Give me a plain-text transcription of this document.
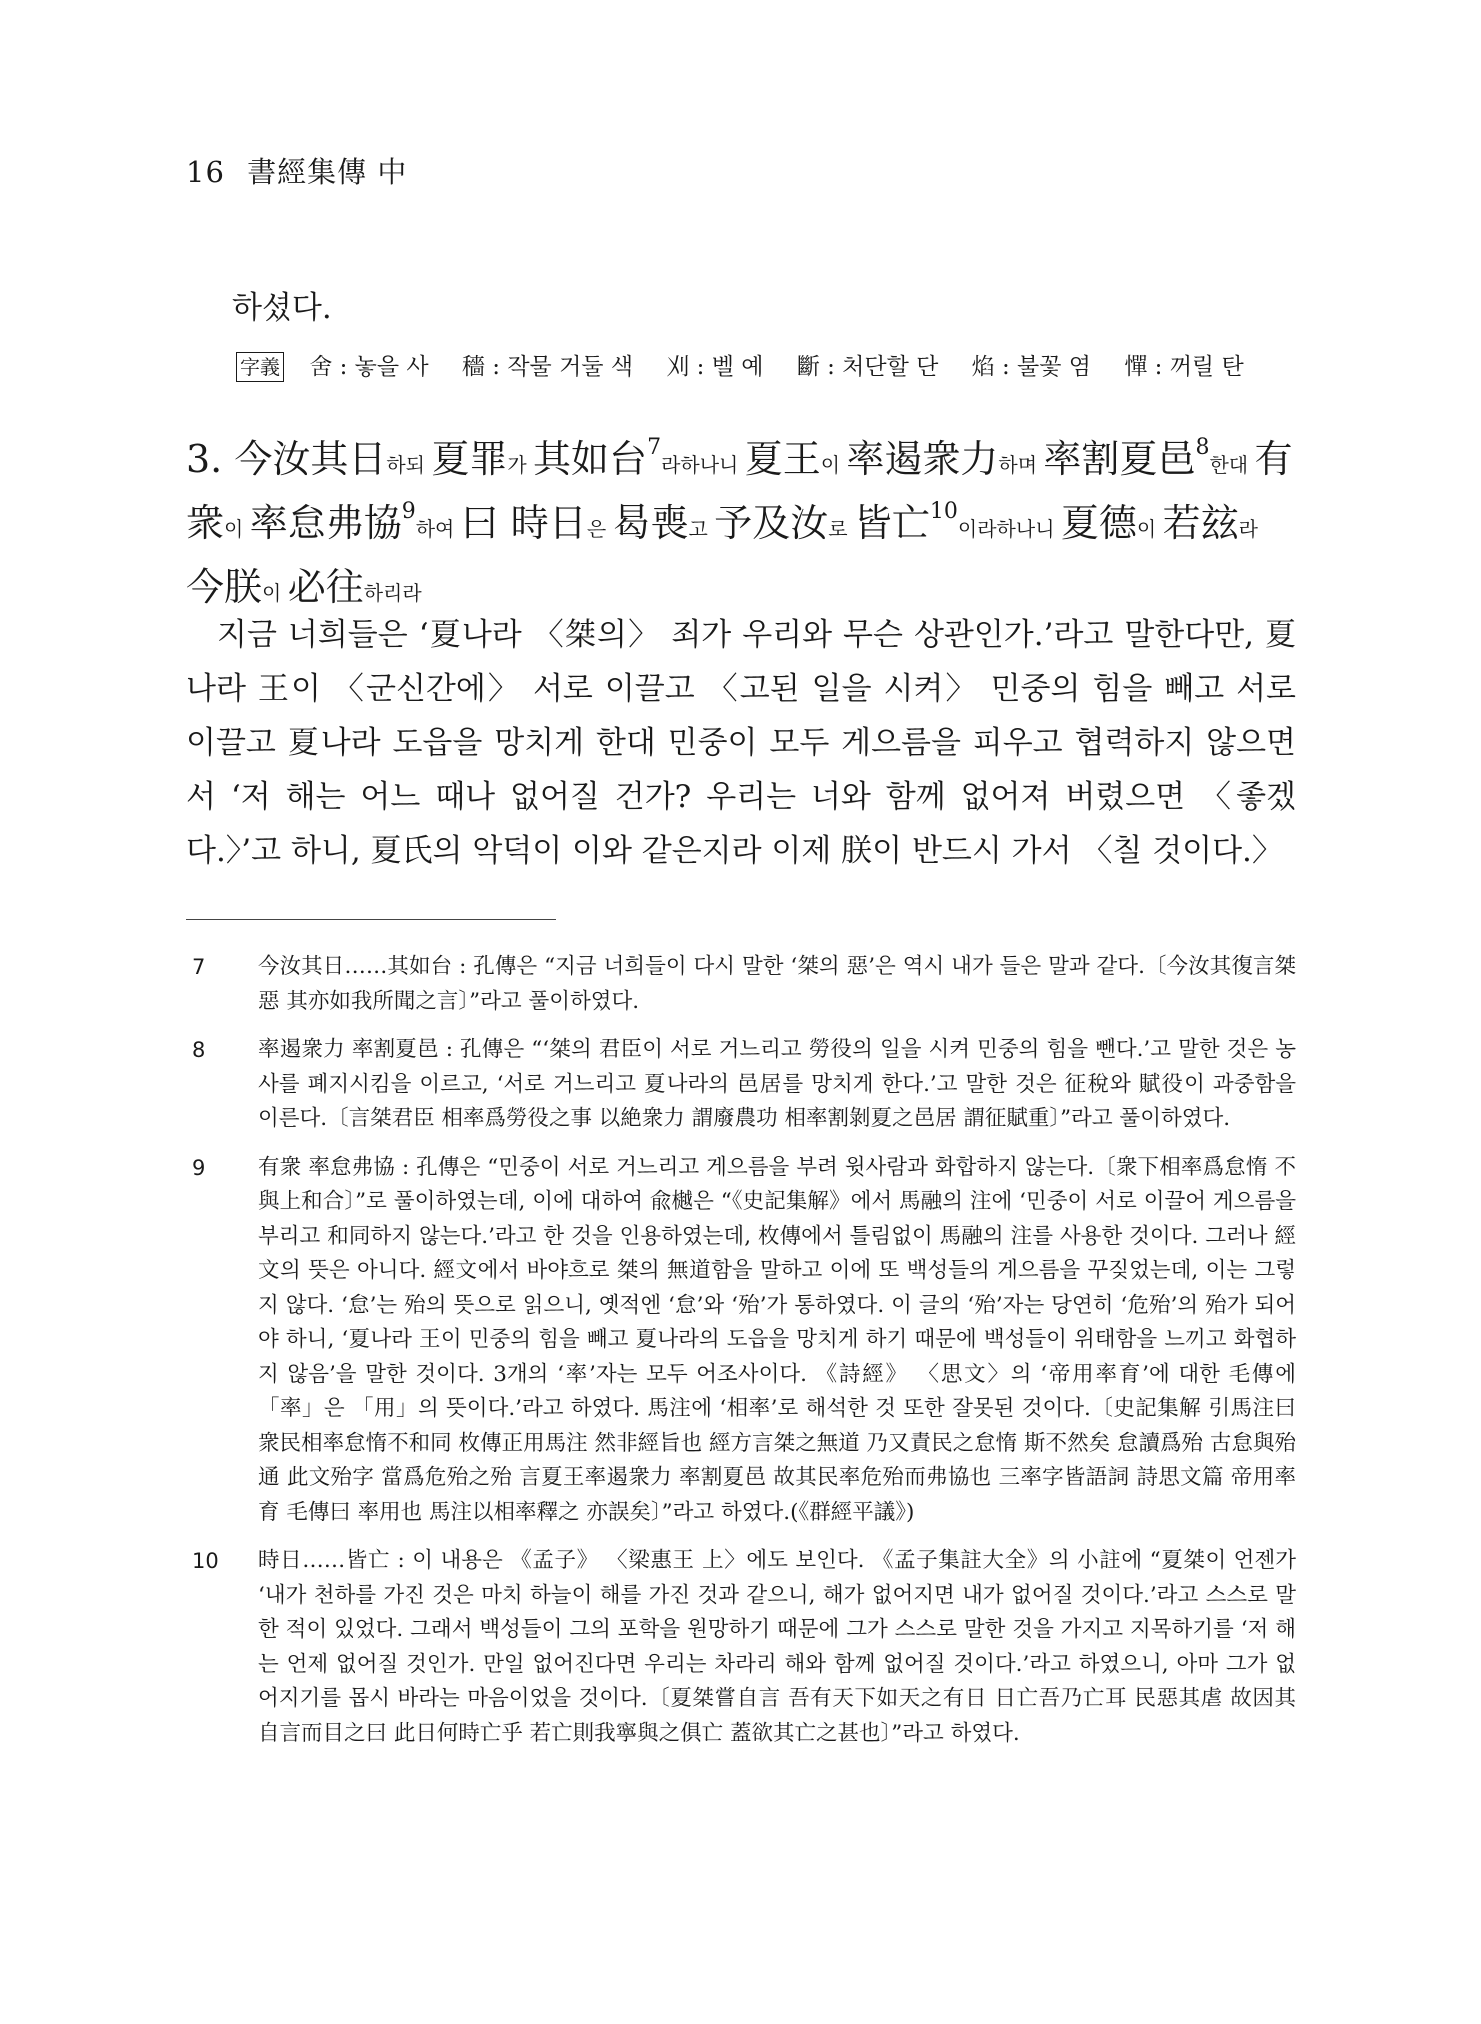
16 書經集傳 中
하셨다.
字義 舍 : 놓을 사 穡 : 작물 거둘 색 刈 : 벨 예 斷 : 처단할 단 焰 : 불꽃 염 憚 : 꺼릴 탄
3. 今汝其日하되 夏罪가 其如台$^7$라하나니 夏王이 率遏衆力하며 率割夏邑$^8$한대 有衆이 率怠弗協$^9$하여 曰 時日은 曷喪고 予及汝로 皆亡$^{10}$이라하나니 夏德이 若玆라 今朕이 必往하리라
지금 너희들은 ‘夏나라 〈桀의〉 죄가 우리와 무슨 상관인가.’라고 말한다만, 夏나라 王이 〈군신간에〉 서로 이끌고 〈고된 일을 시켜〉 민중의 힘을 빼고 서로 이끌고 夏나라 도읍을 망치게 한대 민중이 모두 게으름을 피우고 협력하지 않으면서 ‘저 해는 어느 때나 없어질 건가? 우리는 너와 함께 없어져 버렸으면 〈좋겠다.〉’고 하니, 夏氏의 악덕이 이와 같은지라 이제 朕이 반드시 가서 〈칠 것이다.〉
7 今汝其日……其如台 : 孔傳은 “지금 너희들이 다시 말한 ‘桀의 惡’은 역시 내가 들은 말과 같다.〔今汝其復言桀惡 其亦如我所聞之言〕”라고 풀이하였다.
8 率遏衆力 率割夏邑 : 孔傳은 “‘桀의 君臣이 서로 거느리고 勞役의 일을 시켜 민중의 힘을 뺀다.’고 말한 것은 농사를 폐지시킴을 이르고, ‘서로 거느리고 夏나라의 邑居를 망치게 한다.’고 말한 것은 征稅와 賦役이 과중함을 이른다.〔言桀君臣 相率爲勞役之事 以絶衆力 謂廢農功 相率割剝夏之邑居 謂征賦重〕”라고 풀이하였다.
9 有衆 率怠弗協 : 孔傳은 “민중이 서로 거느리고 게으름을 부려 윗사람과 화합하지 않는다.〔衆下相率爲怠惰 不與上和合〕”로 풀이하였는데, 이에 대하여 兪樾은 “《史記集解》에서 馬融의 注에 ‘민중이 서로 이끌어 게으름을 부리고 和同하지 않는다.’라고 한 것을 인용하였는데, 枚傳에서 틀림없이 馬融의 注를 사용한 것이다. 그러나 經文의 뜻은 아니다. 經文에서 바야흐로 桀의 無道함을 말하고 이에 또 백성들의 게으름을 꾸짖었는데, 이는 그렇지 않다. ‘怠’는 殆의 뜻으로 읽으니, 옛적엔 ‘怠’와 ‘殆’가 통하였다. 이 글의 ‘殆’자는 당연히 ‘危殆’의 殆가 되어야 하니, ‘夏나라 王이 민중의 힘을 빼고 夏나라의 도읍을 망치게 하기 때문에 백성들이 위태함을 느끼고 화협하지 않음’을 말한 것이다. 3개의 ‘率’자는 모두 어조사이다. 《詩經》 〈思文〉의 ‘帝用率育’에 대한 毛傳에 「率」은 「用」의 뜻이다.’라고 하였다. 馬注에 ‘相率’로 해석한 것 또한 잘못된 것이다.〔史記集解 引馬注曰衆民相率怠惰不和同 枚傳正用馬注 然非經旨也 經方言桀之無道 乃又責民之怠惰 斯不然矣 怠讀爲殆 古怠與殆通 此文殆字 當爲危殆之殆 言夏王率遏衆力 率割夏邑 故其民率危殆而弗協也 三率字皆語詞 詩思文篇 帝用率育 毛傳曰 率用也 馬注以相率釋之 亦誤矣〕”라고 하였다.(《群經平議》)
10 時日……皆亡 : 이 내용은 《孟子》 〈梁惠王 上〉에도 보인다. 《孟子集註大全》의 小註에 “夏桀이 언젠가 ‘내가 천하를 가진 것은 마치 하늘이 해를 가진 것과 같으니, 해가 없어지면 내가 없어질 것이다.’라고 스스로 말한 적이 있었다. 그래서 백성들이 그의 포학을 원망하기 때문에 그가 스스로 말한 것을 가지고 지목하기를 ‘저 해는 언제 없어질 것인가. 만일 없어진다면 우리는 차라리 해와 함께 없어질 것이다.’라고 하였으니, 아마 그가 없어지기를 몹시 바라는 마음이었을 것이다.〔夏桀嘗自言 吾有天下如天之有日 日亡吾乃亡耳 民惡其虐 故因其自言而目之曰 此日何時亡乎 若亡則我寧與之俱亡 蓋欲其亡之甚也〕”라고 하였다.
